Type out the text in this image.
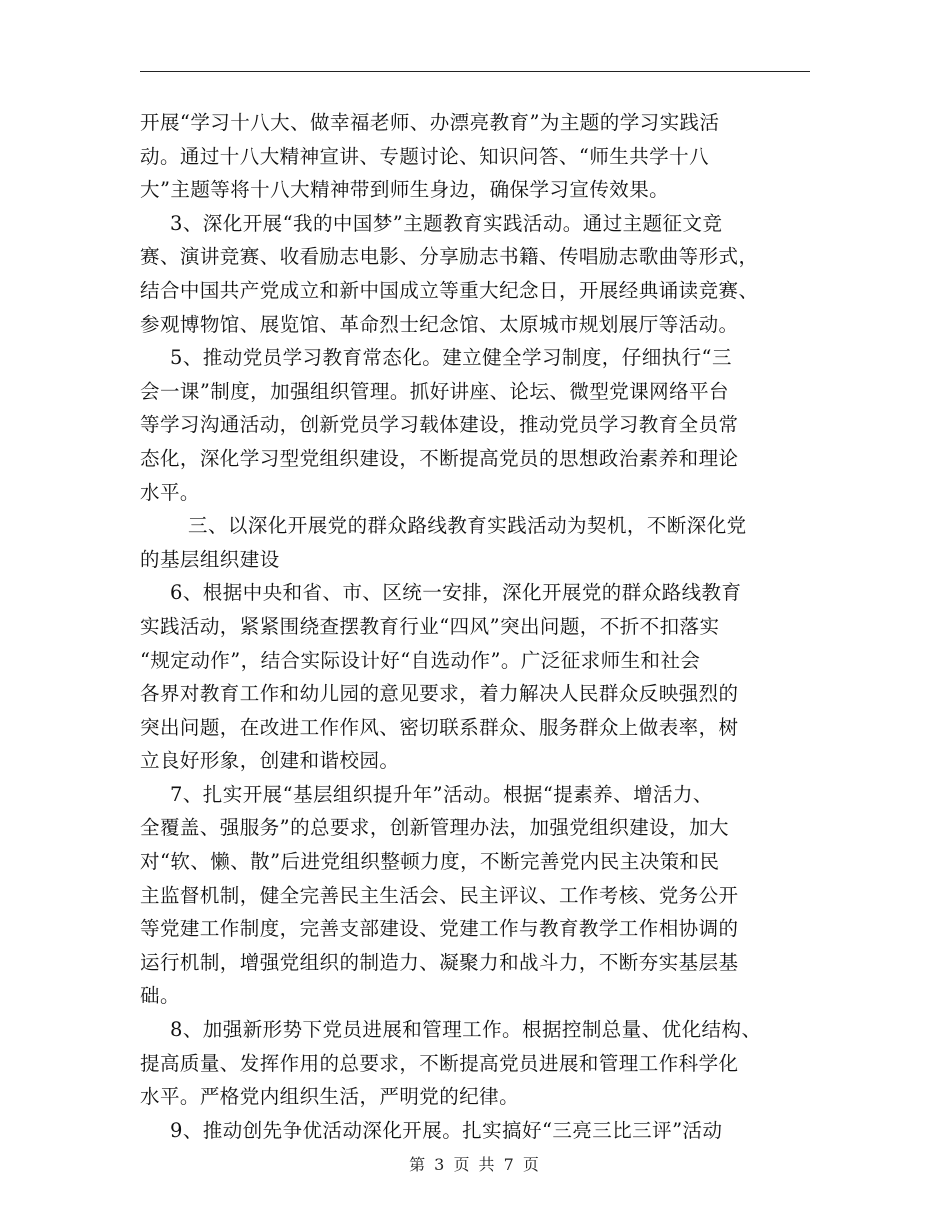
开展“学习十八大、做幸福老师、办漂亮教育”为主题的学习实践活
动。通过十八大精神宣讲、专题讨论、知识问答、“师生共学十八
大”主题等将十八大精神带到师生身边，确保学习宣传效果。
3、深化开展“我的中国梦”主题教育实践活动。通过主题征文竞
赛、演讲竞赛、收看励志电影、分享励志书籍、传唱励志歌曲等形式，
结合中国共产党成立和新中国成立等重大纪念日，开展经典诵读竞赛、
参观博物馆、展览馆、革命烈士纪念馆、太原城市规划展厅等活动。
5、推动党员学习教育常态化。建立健全学习制度，仔细执行“三
会一课”制度，加强组织管理。抓好讲座、论坛、微型党课网络平台
等学习沟通活动，创新党员学习载体建设，推动党员学习教育全员常
态化，深化学习型党组织建设，不断提高党员的思想政治素养和理论
水平。
三、以深化开展党的群众路线教育实践活动为契机，不断深化党
的基层组织建设
6、根据中央和省、市、区统一安排，深化开展党的群众路线教育
实践活动，紧紧围绕查摆教育行业“四风”突出问题，不折不扣落实
“规定动作”，结合实际设计好“自选动作”。广泛征求师生和社会
各界对教育工作和幼儿园的意见要求，着力解决人民群众反映强烈的
突出问题，在改进工作作风、密切联系群众、服务群众上做表率，树
立良好形象，创建和谐校园。
7、扎实开展“基层组织提升年”活动。根据“提素养、增活力、
全覆盖、强服务”的总要求，创新管理办法，加强党组织建设，加大
对“软、懒、散”后进党组织整顿力度，不断完善党内民主决策和民
主监督机制，健全完善民主生活会、民主评议、工作考核、党务公开
等党建工作制度，完善支部建设、党建工作与教育教学工作相协调的
运行机制，增强党组织的制造力、凝聚力和战斗力，不断夯实基层基
础。
8、加强新形势下党员进展和管理工作。根据控制总量、优化结构、
提高质量、发挥作用的总要求，不断提高党员进展和管理工作科学化
水平。严格党内组织生活，严明党的纪律。
9、推动创先争优活动深化开展。扎实搞好“三亮三比三评”活动
第 3 页 共 7 页
